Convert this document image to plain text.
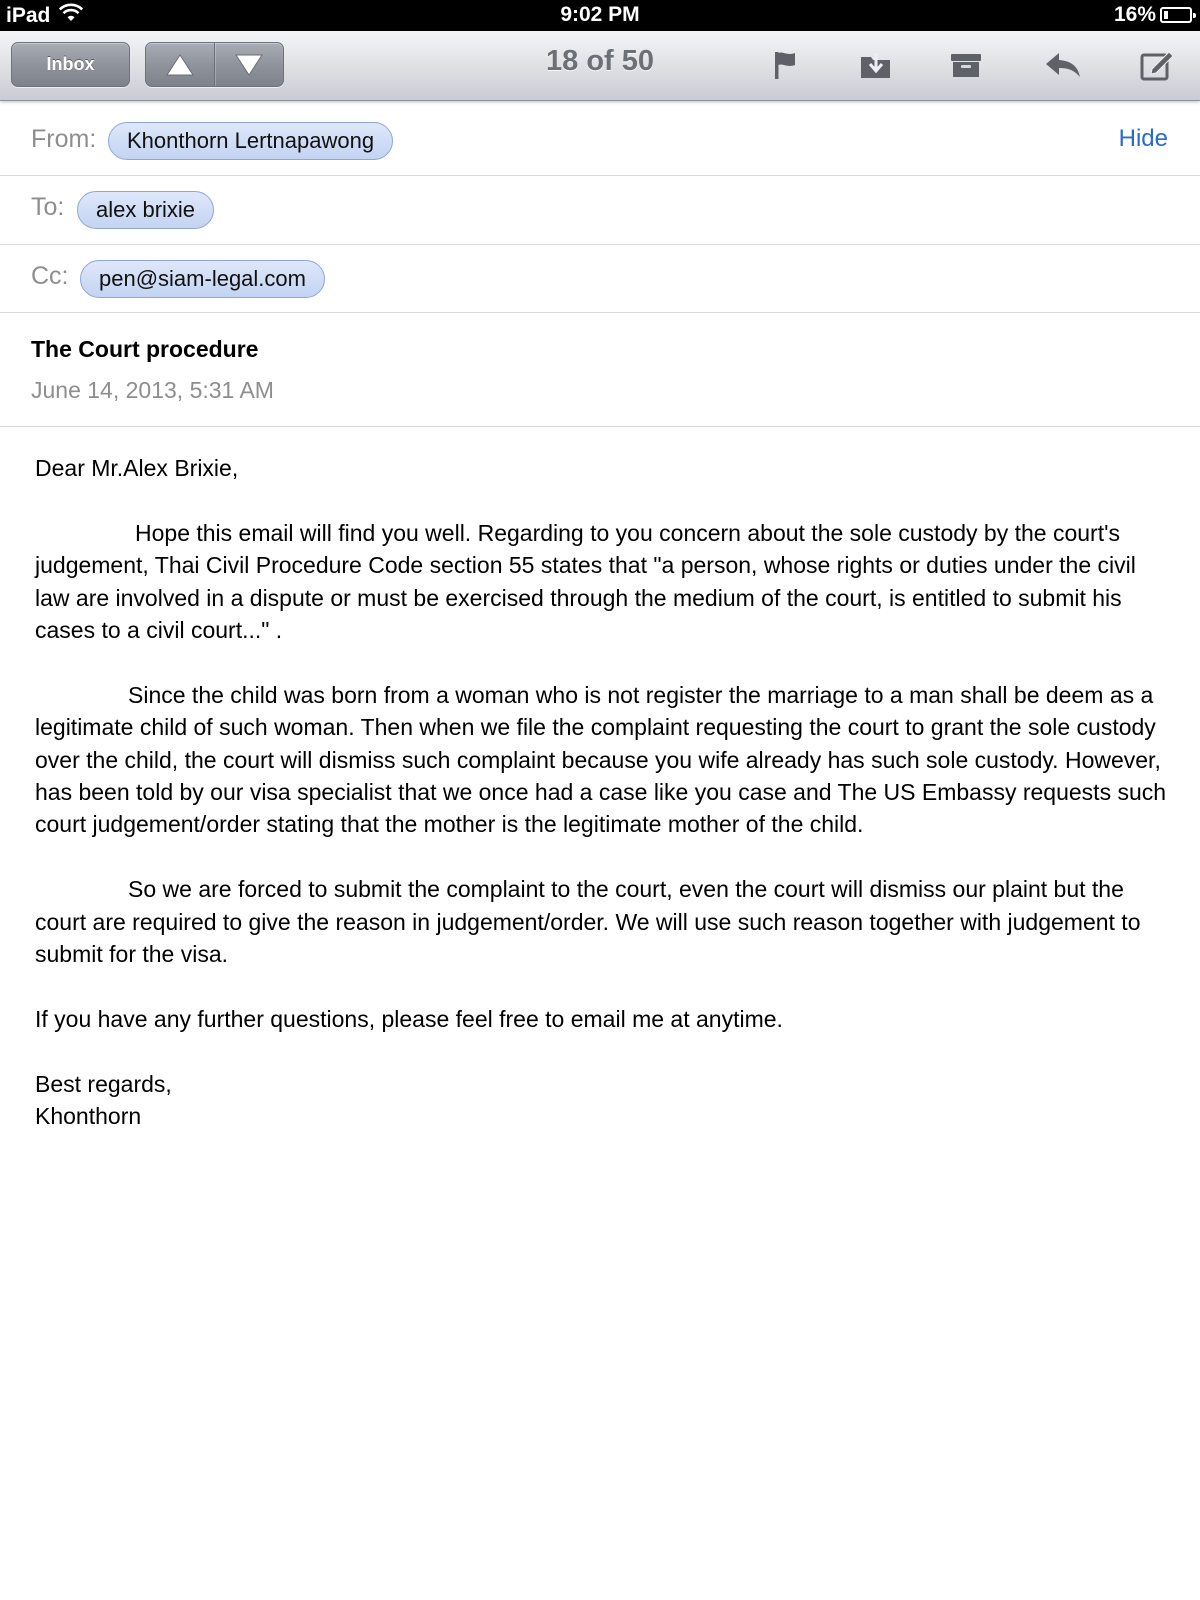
iPad	9:02 PM	16%
Inbox	18 of 50
From:	Khonthorn Lertnapawong	Hide
To:	alex brixie
Cc:	pen@siam-legal.com
The Court procedure
June 14, 2013, 5:31 AM

Dear Mr.Alex Brixie,

Hope this email will find you well. Regarding to you concern about the sole custody by the court's judgement, Thai Civil Procedure Code section 55 states that "a person, whose rights or duties under the civil law are involved in a dispute or must be exercised through the medium of the court, is entitled to submit his cases to a civil court..." .

Since the child was born from a woman who is not register the marriage to a man shall be deem as a legitimate child of such woman. Then when we file the complaint requesting the court to grant the sole custody over the child, the court will dismiss such complaint because you wife already has such sole custody. However, has been told by our visa specialist that we once had a case like you case and The US Embassy requests such court judgement/order stating that the mother is the legitimate mother of the child.

So we are forced to submit the complaint to the court, even the court will dismiss our plaint but the court are required to give the reason in judgement/order. We will use such reason together with judgement to submit for the visa.

If you have any further questions, please feel free to email me at anytime.

Best regards,

Khonthorn
